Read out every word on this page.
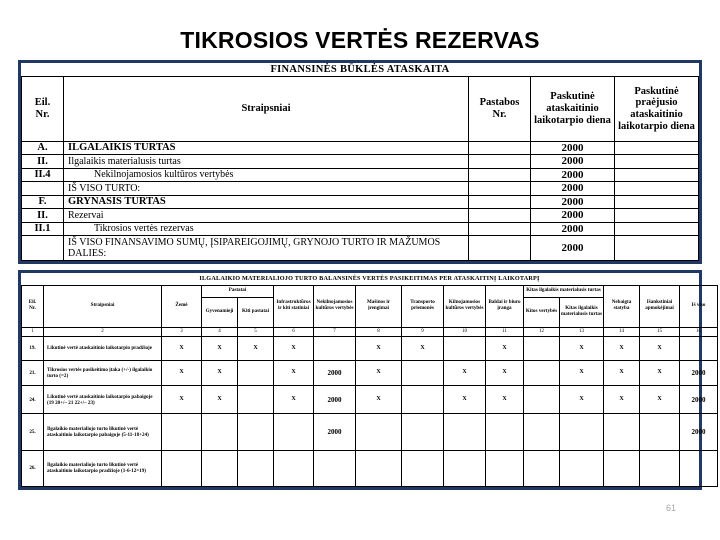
TIKROSIOS VERTĖS REZERVAS
FINANSINĖS BŪKLĖS ATASKAITA				

Eil.
Nr.
	Straipsniai	
Pastabos
Nr.
	Paskutinė ataskaitinio laikotarpio diena	Paskutinė praėjusio ataskaitinio laikotarpio diena
A.	ILGALAIKIS TURTAS		2000	
II.	Ilgalaikis materialusis turtas		2000	
II.4	Nekilnojamosios kultūros vertybės		2000	
	IŠ VISO TURTO:		2000	
F.	GRYNASIS TURTAS		2000	
II.	Rezervai		2000	
II.1	Tikrosios vertės rezervas		2000	
	IŠ VISO FINANSAVIMO SUMŲ, ĮSIPAREIGOJIMŲ, GRYNOJO TURTO IR MAŽUMOS DALIES:		2000	
ILGALAIKIO MATERIALIOJO TURTO BALANSINĖS VERTĖS PASIKEITIMAS PER ATASKAITINĮ LAIKOTARPĮ															

Eil.
Nr.	Straipsniai	Žemė	Pastatai		Infrastruktūros ir kiti statiniai	Nekilnojamosios kultūros vertybės	Mašinos ir įrengimai	Transporto priemonės	Kilnojamosios kultūros vertybės	Baldai ir biuro įranga	Kitas ilgalaikis materialusis turtas		Nebaigta statyba	Išankstiniai apmokėjimai	Iš viso
			Gyvenamieji	Kiti pastatai							Kitos vertybės	Kitas ilgalaikis materialusis turtas			
1	2	3	4	5	6	7	8	9	10	11	12	13	14	15	16
19.	Likutinė vertė ataskaitinio laikotarpio pradžioje	X	X	X	X		X	X		X		X	X	X	
21.	Tikrosios vertės pasikeitimo įtaka (+/-) ilgalaikio turto (=2)	X	X		X	2000	X		X	X		X	X	X	2000
24.	Likutinė vertė ataskaitinio laikotarpio pabaigoje (19 20+/– 21 22+/– 23)	X	X		X	2000	X		X	X		X	X	X	2000
25.	Ilgalaikio materialiojo turto likutinė vertė ataskaitinio laikotarpio pabaigoje (5-11-18+24)					2000									2000
26.	Ilgalaikio materialiojo turto likutinė vertė ataskaitinio laikotarpio pradžioje (1-6-12=19)														
61
